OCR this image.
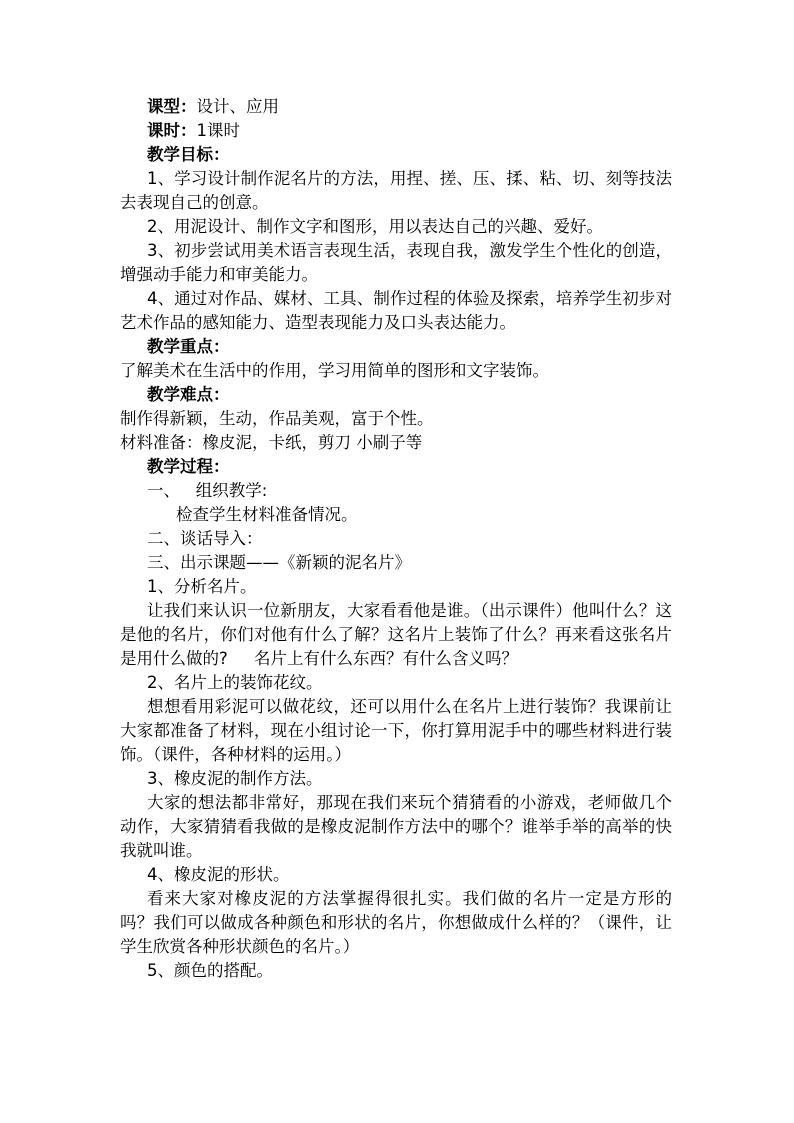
课型：设计、应用
课时：1课时
教学目标：

1、学习设计制作泥名片的方法，用捏、搓、压、揉、粘、切、刻等技法去表现自己的创意。

2、用泥设计、制作文字和图形，用以表达自己的兴趣、爱好。

3、初步尝试用美术语言表现生活，表现自我，激发学生个性化的创造，增强动手能力和审美能力。

4、通过对作品、媒材、工具、制作过程的体验及探索，培养学生初步对艺术作品的感知能力、造型表现能力及口头表达能力。

教学重点：

了解美术在生活中的作用，学习用简单的图形和文字装饰。

教学难点：

制作得新颖，生动，作品美观，富于个性。

材料准备：橡皮泥，卡纸，剪刀 小刷子等

教学过程：
一、   组织教学:

检查学生材料准备情况。

二、谈话导入：
三、出示课题——《新颖的泥名片》
1、分析名片。

让我们来认识一位新朋友，大家看看他是谁。（出示课件）他叫什么？这是他的名片，你们对他有什么了解？这名片上装饰了什么？再来看这张名片是用什么做的?     名片上有什么东西？有什么含义吗？

2、名片上的装饰花纹。

想想看用彩泥可以做花纹，还可以用什么在名片上进行装饰？我课前让大家都准备了材料，现在小组讨论一下，你打算用泥手中的哪些材料进行装饰。（课件，各种材料的运用。）

3、橡皮泥的制作方法。

大家的想法都非常好，那现在我们来玩个猜猜看的小游戏，老师做几个动作，大家猜猜看我做的是橡皮泥制作方法中的哪个？谁举手举的高举的快我就叫谁。

4、橡皮泥的形状。

看来大家对橡皮泥的方法掌握得很扎实。我们做的名片一定是方形的吗？我们可以做成各种颜色和形状的名片，你想做成什么样的？（课件，让学生欣赏各种形状颜色的名片。）

5、颜色的搭配。
